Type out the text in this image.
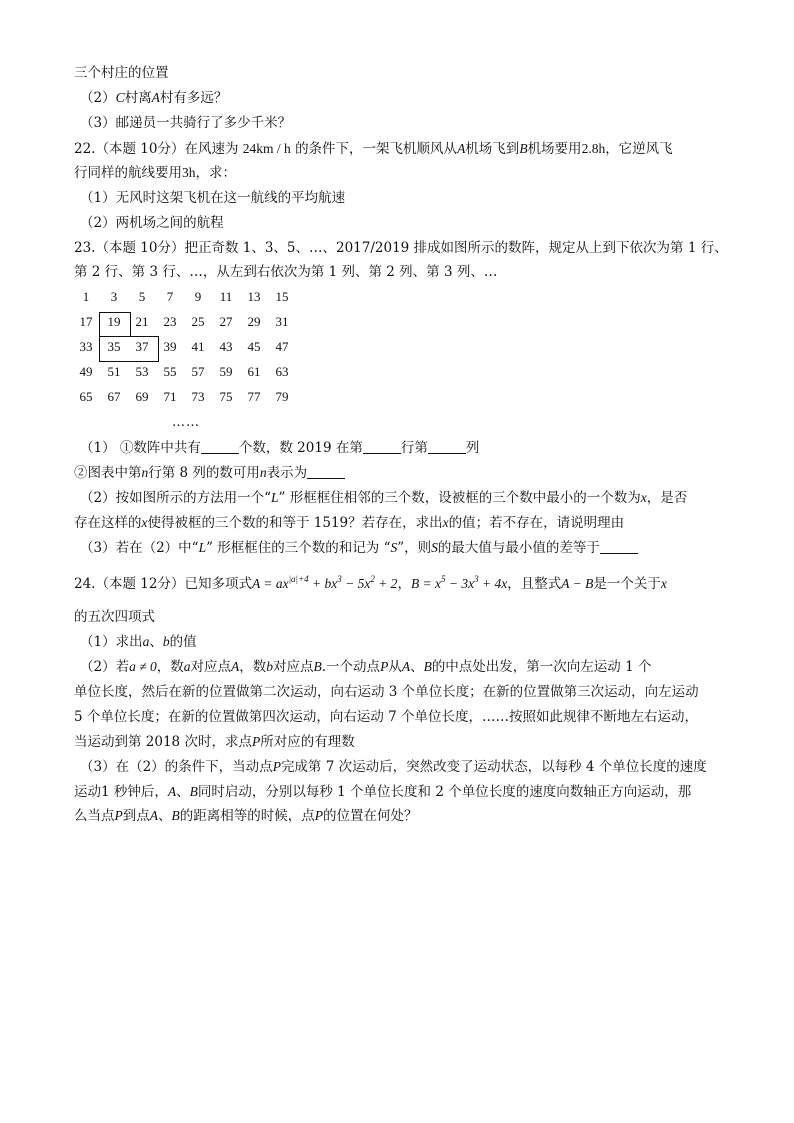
三个村庄的位置
（2）C村离A村有多远？
（3）邮递员一共骑行了多少千米？
22.（本题 10分）在风速为 24km / h 的条件下，一架飞机顺风从A机场飞到B机场要用2.8h，它逆风飞
行同样的航线要用3h，求：
（1）无风时这架飞机在这一航线的平均航速
（2）两机场之间的航程
23.（本题 10分）把正奇数 1、3、5、…、2017/2019 排成如图所示的数阵，规定从上到下依次为第 1 行、
第 2 行、第 3 行、…，从左到右依次为第 1 列、第 2 列、第 3 列、…
1	3	5	7	9	11	13	15
17	19	21	23	25	27	29	31
33	35	37	39	41	43	45	47
49	51	53	55	57	59	61	63
65	67	69	71	73	75	77	79
……
（1） ①数阵中共有	个数，数 2019 在第	行第	列
②图表中第n行第 8 列的数可用n表示为
（2）按如图所示的方法用一个“L” 形框框住相邻的三个数，设被框的三个数中最小的一个数为x，是否
存在这样的x使得被框的三个数的和等于 1519？若存在，求出x的值；若不存在，请说明理由
（3）若在（2）中“L” 形框框住的三个数的和记为 “S”，则S的最大值与最小值的差等于
24.（本题 12分）已知多项式$A = ax^{|a|+4} + bx^3 - 5x^2 + 2$，$B = x^5 - 3x^3 + 4x$，且整式A − B是一个关于x
的五次四项式
（1）求出a、b的值
（2）若a ≠ 0，数a对应点A，数b对应点B.一个动点P从A、B的中点处出发，第一次向左运动 1 个
单位长度，然后在新的位置做第二次运动，向右运动 3 个单位长度；在新的位置做第三次运动，向左运动
5 个单位长度；在新的位置做第四次运动，向右运动 7 个单位长度，……按照如此规律不断地左右运动，
当运动到第 2018 次时，求点P所对应的有理数
（3）在（2）的条件下，当动点P完成第 7 次运动后，突然改变了运动状态，以每秒 4 个单位长度的速度
运动1 秒钟后，A、B同时启动，分别以每秒 1 个单位长度和 2 个单位长度的速度向数轴正方向运动，那
么当点P到点A、B的距离相等的时候，点P的位置在何处？
